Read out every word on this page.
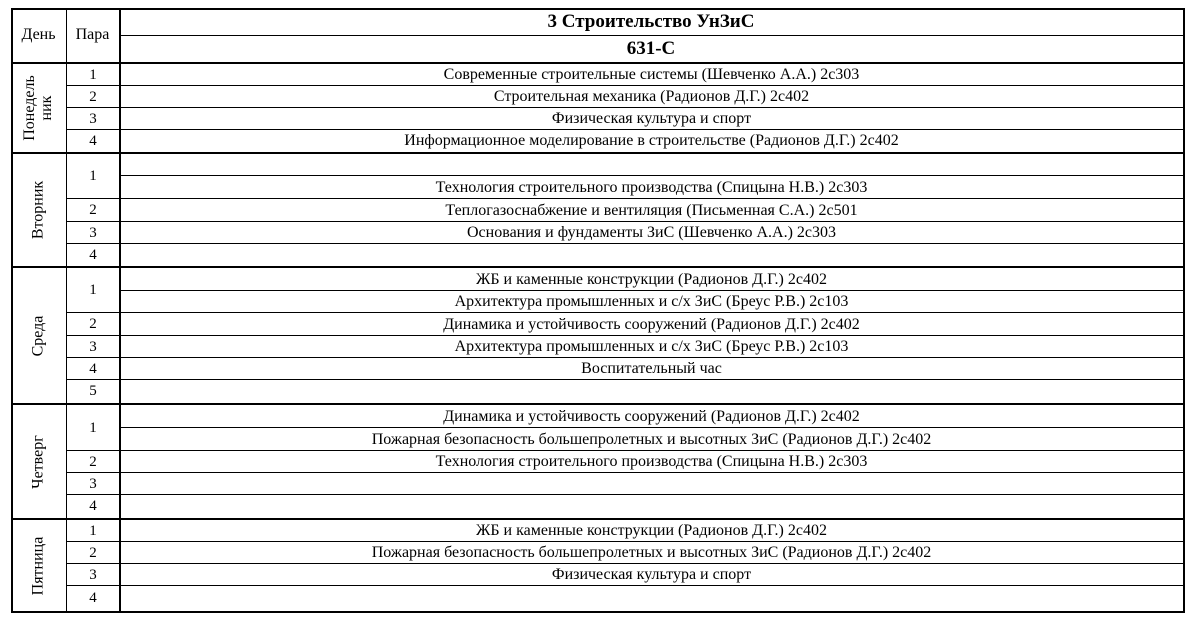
День	Пара
3 Строительство УнЗиС
631-С
Современные строительные системы (Шевченко А.А.) 2с303
1
Строительная механика (Радионов Д.Г.) 2с402
2
Физическая культура и спорт
3
Информационное моделирование в строительстве (Радионов Д.Г.) 2с402
4
Понедель ник
Технология строительного производства (Спицына Н.В.) 2с303
1
Теплогазоснабжение и вентиляция (Письменная С.А.) 2с501
2
Основания и фундаменты ЗиС (Шевченко А.А.) 2с303
3
4
Вторник
ЖБ и каменные конструкции (Радионов Д.Г.) 2с402
Архитектура промышленных и с/х ЗиС (Бреус Р.В.) 2с103
1
Динамика и устойчивость сооружений (Радионов Д.Г.) 2с402
2
Архитектура промышленных и с/х ЗиС (Бреус Р.В.) 2с103
3
Воспитательный час
4
5
Среда
Динамика и устойчивость сооружений (Радионов Д.Г.) 2с402
Пожарная безопасность большепролетных и высотных ЗиС (Радионов Д.Г.) 2с402
1
Технология строительного производства (Спицына Н.В.) 2с303
2
3
4
Четверг
ЖБ и каменные конструкции (Радионов Д.Г.) 2с402
1
Пожарная безопасность большепролетных и высотных ЗиС (Радионов Д.Г.) 2с402
2
Физическая культура и спорт
3
4
Пятница
